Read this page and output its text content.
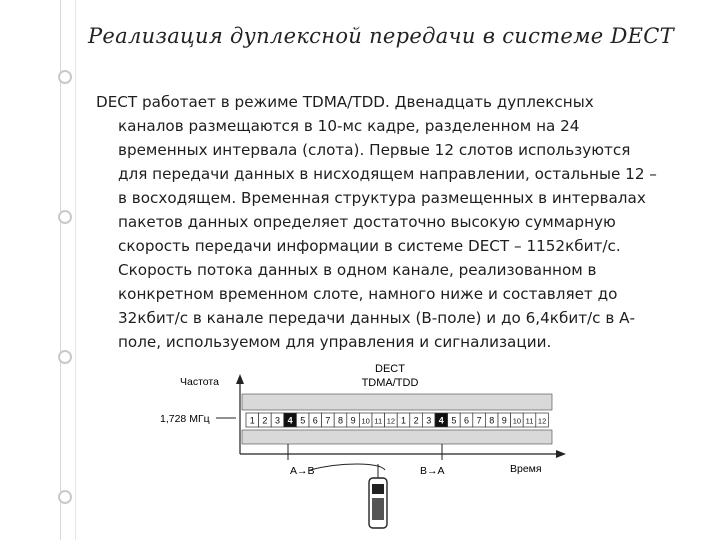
Реализация дуплексной передачи в системе DECT
DECT работает в режиме TDMA/TDD. Двенадцать дуплексных
каналов размещаются в 10-мс кадре, разделенном на 24
временных интервала (слота). Первые 12 слотов используются
для передачи данных в нисходящем направлении, остальные 12 –
в восходящем. Временная структура размещенных в интервалах
пакетов данных определяет достаточно высокую суммарную
скорость передачи информации в системе DECT – 1152кбит/с.
Скорость потока данных в одном канале, реализованном в
конкретном временном слоте, намного ниже и составляет до
32кбит/с в канале передачи данных (B-поле) и до 6,4кбит/с в А-
поле, используемом для управления и сигнализации.
DECT
TDMA/TDD
Частота
1,728 МГц	1 2 3 4 5 6 7 8 9 10 11 12 1 2 3 4 5 6 7 8 9 10 11 12
Время
А→В	В→А
